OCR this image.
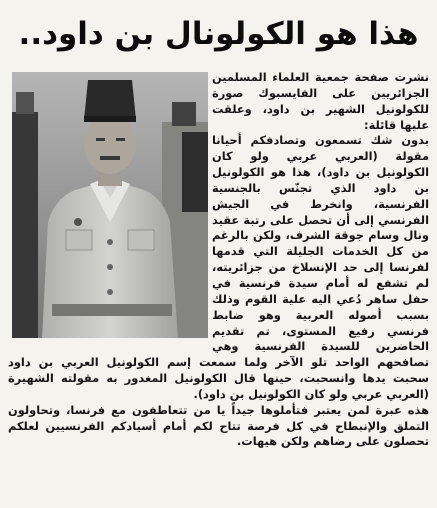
هذا هو الكولونال بن داود..

نشرت صفحة جمعية العلماء المسلمين الجزائريين على الفايسبوك صورة للكولونيل الشهير بن داود، وعلقت عليها قائلة:

بدون شك تسمعون وتصادفكم أحيانا مقولة (العربي عربي ولو كان الكولونيل بن داود)، هذا هو الكولونيل بن داود الذي تجنّس بالجنسية الفرنسية، وانخرط في الجيش الفرنسي إلى أن تحصل على رتبة عقيد ونال وسام جوقة الشرف، ولكن بالرغم من كل الخدمات الجليلة التي قدمها لفرنسا إلى حد الإنسلاخ من جزائريته، لم تشفع له أمام سيدة فرنسية في حفل ساهر دُعي اليه علية القوم وذلك بسبب أصوله العربية وهو ضابط فرنسي رفيع المستوى، تم تقديم الحاضرين للسيدة الفرنسية وهي تصافحهم الواحد تلو الآخر ولما سمعت إسم الكولونيل العربي بن داود سحبت يدها وانسحبت، حينها قال الكولونيل المغدور به مقولته الشهيرة (العربي عربي ولو كان الكولونيل بن داود).

هذه عبرة لمن يعتبر فتأملوها جيداً يا من تتعاطفون مع فرنسا، وتحاولون التملق والإنبطاح في كل فرصة تتاح لكم أمام أسيادكم الفرنسيين لعلكم تحصلون على رضاهم ولكن هيهات.
